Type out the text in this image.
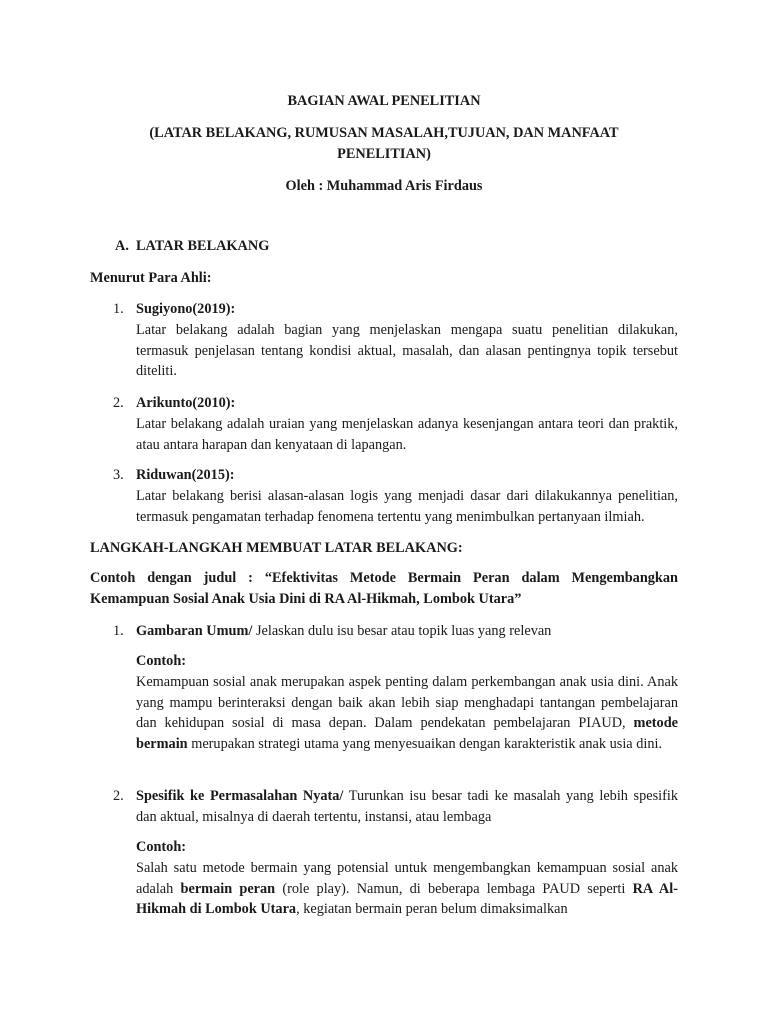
BAGIAN AWAL PENELITIAN
(LATAR BELAKANG, RUMUSAN MASALAH,TUJUAN, DAN MANFAAT
PENELITIAN)
Oleh : Muhammad Aris Firdaus
A. LATAR BELAKANG
Menurut Para Ahli:
1. Sugiyono(2019):
Latar belakang adalah bagian yang menjelaskan mengapa suatu penelitian dilakukan, termasuk penjelasan tentang kondisi aktual, masalah, dan alasan pentingnya topik tersebut diteliti.
2. Arikunto(2010):
Latar belakang adalah uraian yang menjelaskan adanya kesenjangan antara teori dan praktik, atau antara harapan dan kenyataan di lapangan.
3. Riduwan(2015):
Latar belakang berisi alasan-alasan logis yang menjadi dasar dari dilakukannya penelitian, termasuk pengamatan terhadap fenomena tertentu yang menimbulkan pertanyaan ilmiah.
LANGKAH-LANGKAH MEMBUAT LATAR BELAKANG:
Contoh dengan judul : “Efektivitas Metode Bermain Peran dalam Mengembangkan Kemampuan Sosial Anak Usia Dini di RA Al-Hikmah, Lombok Utara”
1. Gambaran Umum/ Jelaskan dulu isu besar atau topik luas yang relevan
Contoh:
Kemampuan sosial anak merupakan aspek penting dalam perkembangan anak usia dini. Anak yang mampu berinteraksi dengan baik akan lebih siap menghadapi tantangan pembelajaran dan kehidupan sosial di masa depan. Dalam pendekatan pembelajaran PIAUD, metode bermain merupakan strategi utama yang menyesuaikan dengan karakteristik anak usia dini.
2. Spesifik ke Permasalahan Nyata/ Turunkan isu besar tadi ke masalah yang lebih spesifik dan aktual, misalnya di daerah tertentu, instansi, atau lembaga
Contoh:
Salah satu metode bermain yang potensial untuk mengembangkan kemampuan sosial anak adalah bermain peran (role play). Namun, di beberapa lembaga PAUD seperti RA Al-Hikmah di Lombok Utara, kegiatan bermain peran belum dimaksimalkan
